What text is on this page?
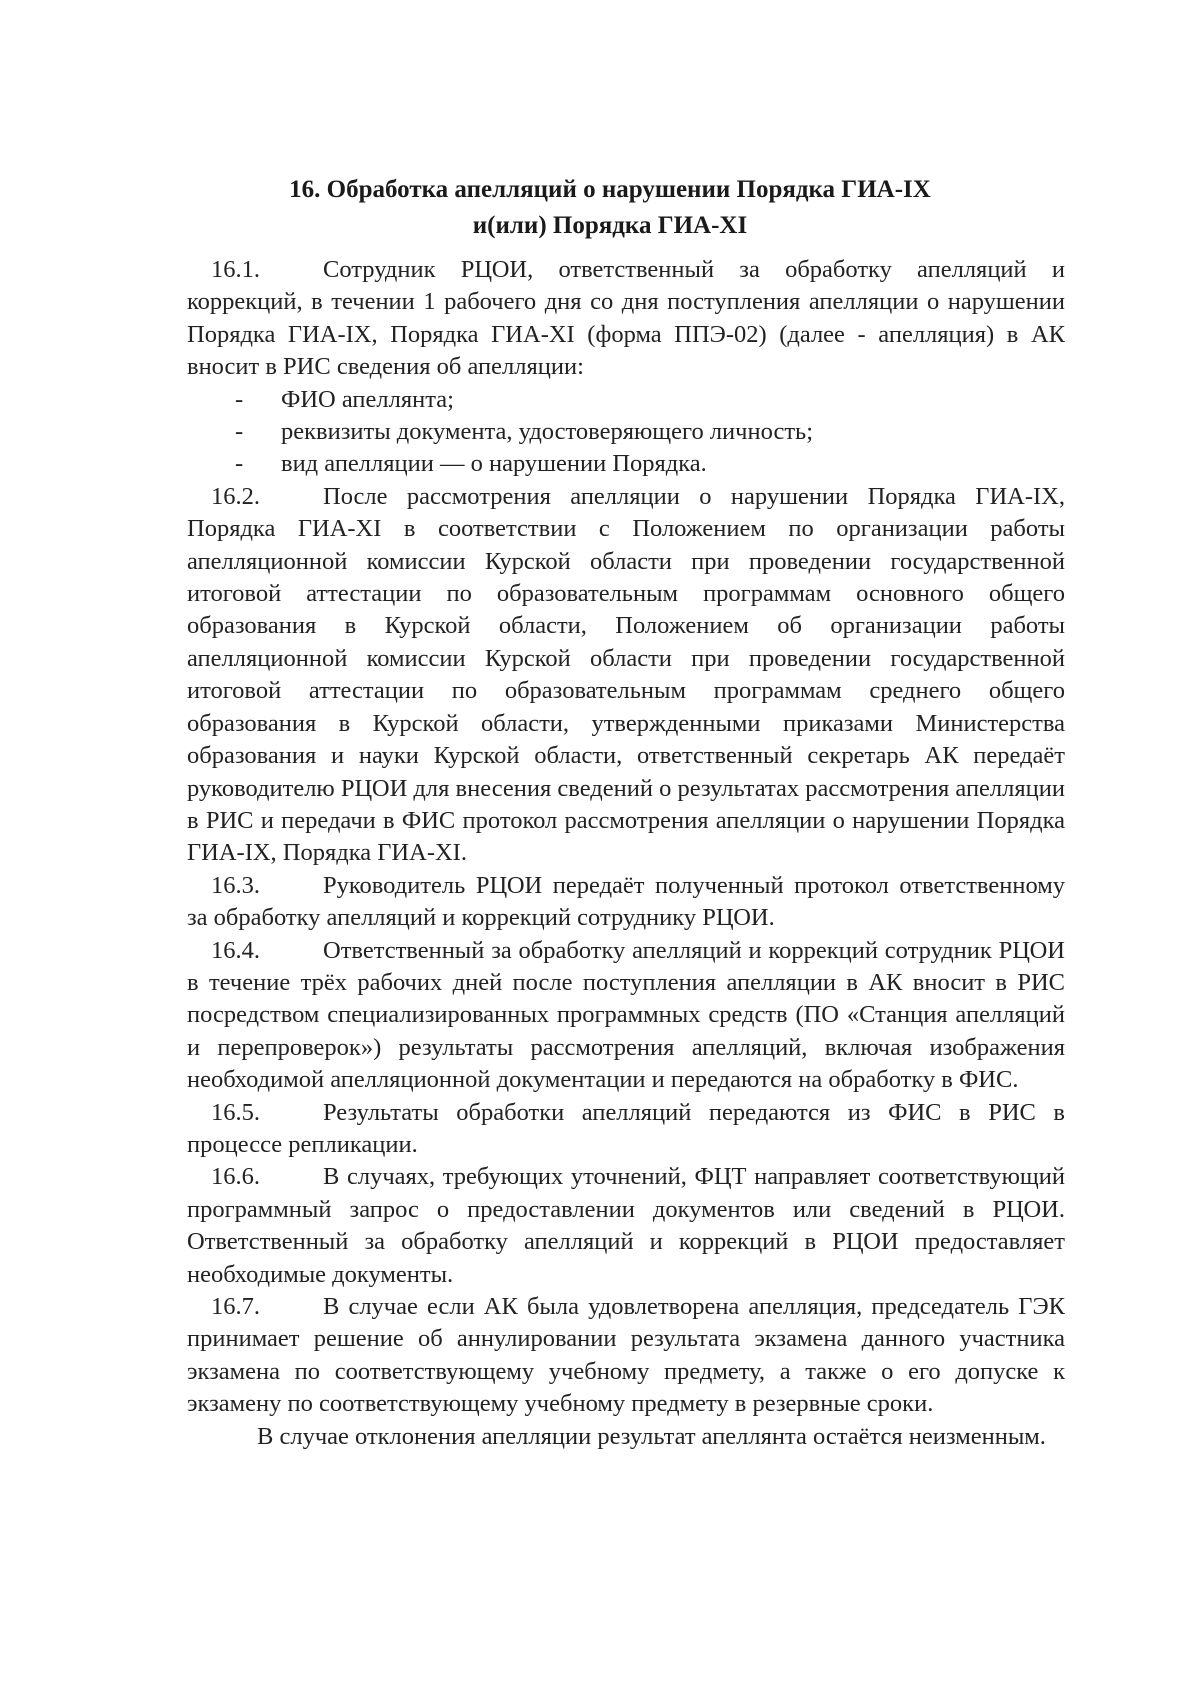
16. Обработка апелляций о нарушении Порядка ГИА-IX
и(или) Порядка ГИА-XI

16.1.	Сотрудник РЦОИ, ответственный за обработку апелляций и коррекций, в течении 1 рабочего дня со дня поступления апелляции о нарушении Порядка ГИА-IX, Порядка ГИА-XI (форма ППЭ-02) (далее - апелляция) в АК вносит в РИС сведения об апелляции:

- ФИО апеллянта;
- реквизиты документа, удостоверяющего личность;
- вид апелляции — о нарушении Порядка.

16.2.	После рассмотрения апелляции о нарушении Порядка ГИА-IX, Порядка ГИА-XI в соответствии с Положением по организации работы апелляционной комиссии Курской области при проведении государственной итоговой аттестации по образовательным программам основного общего образования в Курской области, Положением об организации работы апелляционной комиссии Курской области при проведении государственной итоговой аттестации по образовательным программам среднего общего образования в Курской области, утвержденными приказами Министерства образования и науки Курской области, ответственный секретарь АК передаёт руководителю РЦОИ для внесения сведений о результатах рассмотрения апелляции в РИС и передачи в ФИС протокол рассмотрения апелляции о нарушении Порядка ГИА-IX, Порядка ГИА-XI.

16.3.	Руководитель РЦОИ передаёт полученный протокол ответственному за обработку апелляций и коррекций сотруднику РЦОИ.

16.4.	Ответственный за обработку апелляций и коррекций сотрудник РЦОИ в течение трёх рабочих дней после поступления апелляции в АК вносит в РИС посредством специализированных программных средств (ПО «Станция апелляций и перепроверок») результаты рассмотрения апелляций, включая изображения необходимой апелляционной документации и передаются на обработку в ФИС.

16.5.	Результаты обработки апелляций передаются из ФИС в РИС в процессе репликации.

16.6.	В случаях, требующих уточнений, ФЦТ направляет соответствующий программный запрос о предоставлении документов или сведений в РЦОИ. Ответственный за обработку апелляций и коррекций в РЦОИ предоставляет необходимые документы.

16.7.	В случае если АК была удовлетворена апелляция, председатель ГЭК принимает решение об аннулировании результата экзамена данного участника экзамена по соответствующему учебному предмету, а также о его допуске к экзамену по соответствующему учебному предмету в резервные сроки.

В случае отклонения апелляции результат апеллянта остаётся неизменным.
